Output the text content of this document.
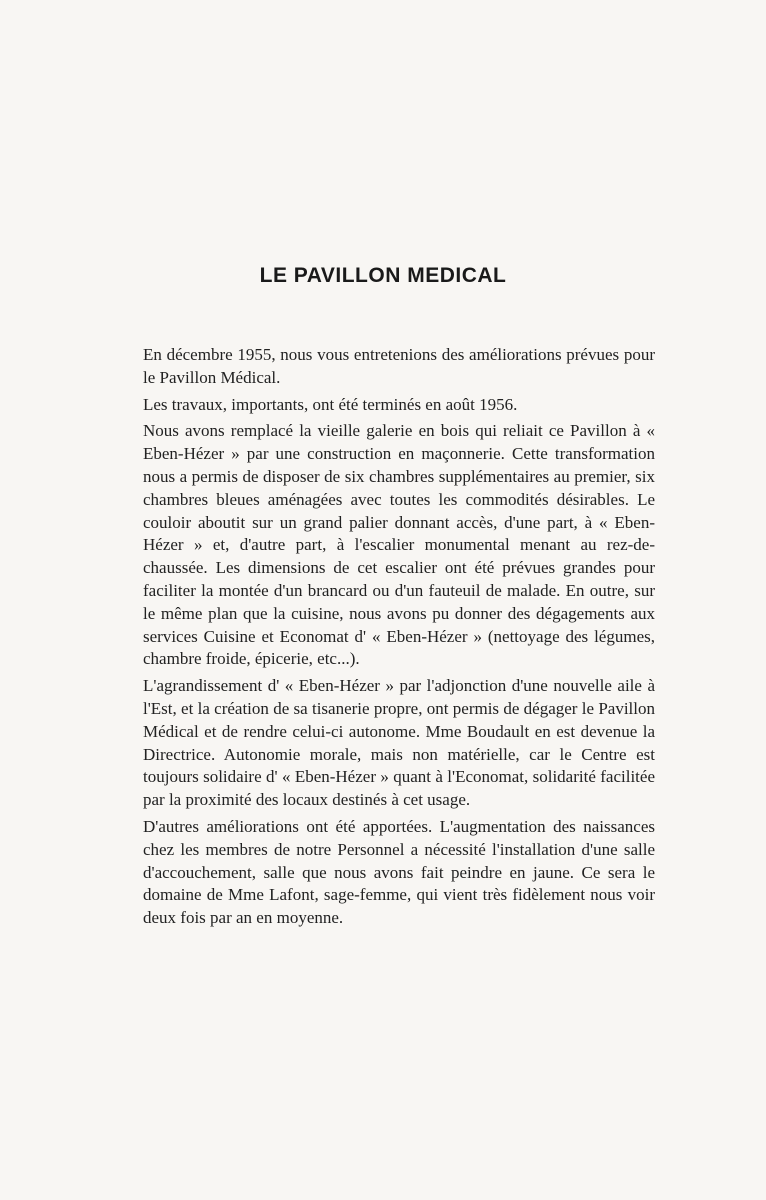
LE PAVILLON MEDICAL

En décembre 1955, nous vous entretenions des améliorations prévues pour le Pavillon Médical.

Les travaux, importants, ont été terminés en août 1956.

Nous avons remplacé la vieille galerie en bois qui reliait ce Pavillon à « Eben-Hézer » par une construction en maçonnerie. Cette transformation nous a permis de disposer de six chambres supplémentaires au premier, six chambres bleues aménagées avec toutes les commodités désirables. Le couloir aboutit sur un grand palier donnant accès, d'une part, à « Eben-Hézer » et, d'autre part, à l'escalier monumental menant au rez-de-chaussée. Les dimensions de cet escalier ont été prévues grandes pour faciliter la montée d'un brancard ou d'un fauteuil de malade. En outre, sur le même plan que la cuisine, nous avons pu donner des dégagements aux services Cuisine et Economat d' « Eben-Hézer » (nettoyage des légumes, chambre froide, épicerie, etc...).

L'agrandissement d' « Eben-Hézer » par l'adjonction d'une nouvelle aile à l'Est, et la création de sa tisanerie propre, ont permis de dégager le Pavillon Médical et de rendre celui-ci autonome. Mme Boudault en est devenue la Directrice. Autonomie morale, mais non matérielle, car le Centre est toujours solidaire d' « Eben-Hézer » quant à l'Economat, solidarité facilitée par la proximité des locaux destinés à cet usage.

D'autres améliorations ont été apportées. L'augmentation des naissances chez les membres de notre Personnel a nécessité l'installation d'une salle d'accouchement, salle que nous avons fait peindre en jaune. Ce sera le domaine de Mme Lafont, sage-femme, qui vient très fidèlement nous voir deux fois par an en moyenne.
